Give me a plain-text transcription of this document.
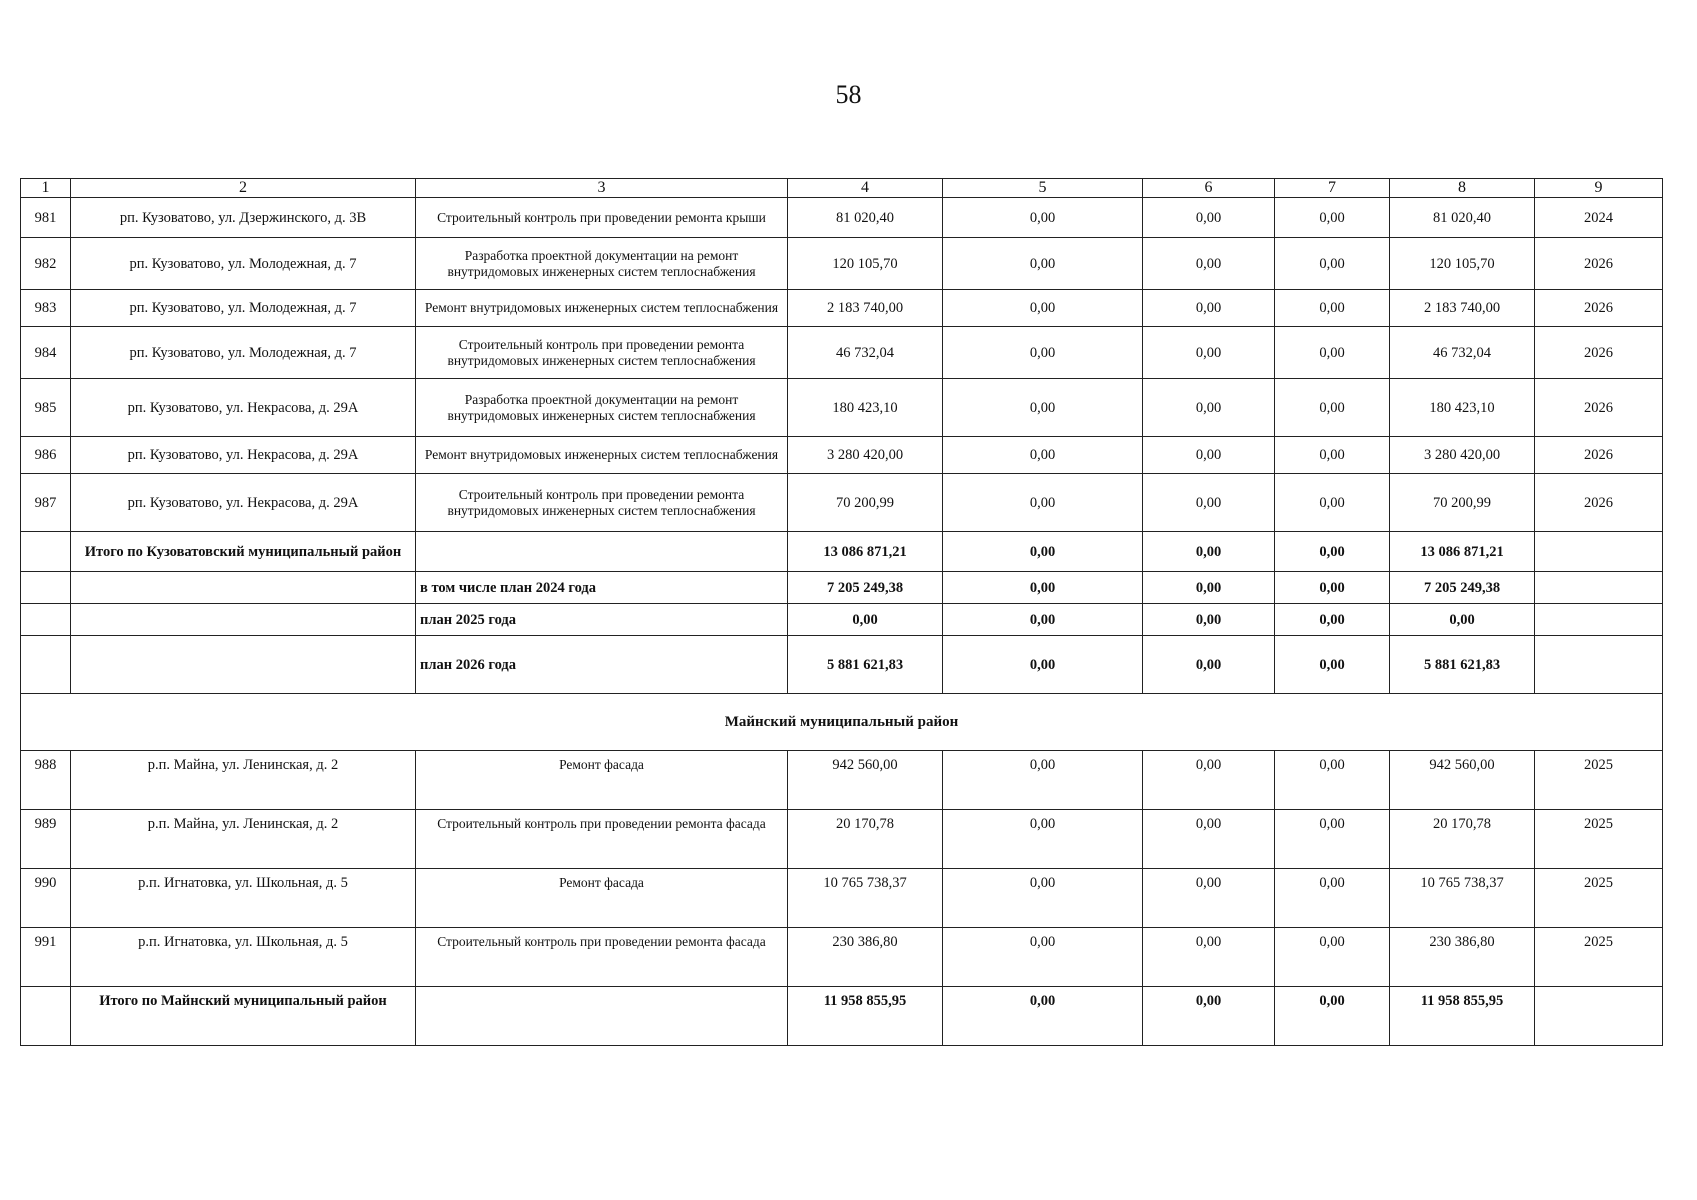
58
1	2	3	4	5	6	7	8	9
981	рп. Кузоватово, ул. Дзержинского, д. 3В	Строительный контроль при проведении ремонта крыши	81 020,40	0,00	0,00	0,00	81 020,40	2024
982	рп. Кузоватово, ул. Молодежная, д. 7	Разработка проектной документации на ремонт внутридомовых инженерных систем теплоснабжения	120 105,70	0,00	0,00	0,00	120 105,70	2026
983	рп. Кузоватово, ул. Молодежная, д. 7	Ремонт внутридомовых инженерных систем теплоснабжения	2 183 740,00	0,00	0,00	0,00	2 183 740,00	2026
984	рп. Кузоватово, ул. Молодежная, д. 7	Строительный контроль при проведении ремонта внутридомовых инженерных систем теплоснабжения	46 732,04	0,00	0,00	0,00	46 732,04	2026
985	рп. Кузоватово, ул. Некрасова, д. 29А	Разработка проектной документации на ремонт внутридомовых инженерных систем теплоснабжения	180 423,10	0,00	0,00	0,00	180 423,10	2026
986	рп. Кузоватово, ул. Некрасова, д. 29А	Ремонт внутридомовых инженерных систем теплоснабжения	3 280 420,00	0,00	0,00	0,00	3 280 420,00	2026
987	рп. Кузоватово, ул. Некрасова, д. 29А	Строительный контроль при проведении ремонта внутридомовых инженерных систем теплоснабжения	70 200,99	0,00	0,00	0,00	70 200,99	2026
	Итого по Кузоватовский муниципальный район		13 086 871,21	0,00	0,00	0,00	13 086 871,21	
		в том числе план 2024 года	7 205 249,38	0,00	0,00	0,00	7 205 249,38	
		план 2025 года	0,00	0,00	0,00	0,00	0,00	
		план 2026 года	5 881 621,83	0,00	0,00	0,00	5 881 621,83	
Майнский муниципальный район								
988	р.п. Майна, ул. Ленинская, д. 2	Ремонт фасада	942 560,00	0,00	0,00	0,00	942 560,00	2025
989	р.п. Майна, ул. Ленинская, д. 2	Строительный контроль при проведении ремонта фасада	20 170,78	0,00	0,00	0,00	20 170,78	2025
990	р.п. Игнатовка, ул. Школьная, д. 5	Ремонт фасада	10 765 738,37	0,00	0,00	0,00	10 765 738,37	2025
991	р.п. Игнатовка, ул. Школьная, д. 5	Строительный контроль при проведении ремонта фасада	230 386,80	0,00	0,00	0,00	230 386,80	2025
	Итого по Майнский муниципальный район		11 958 855,95	0,00	0,00	0,00	11 958 855,95	
